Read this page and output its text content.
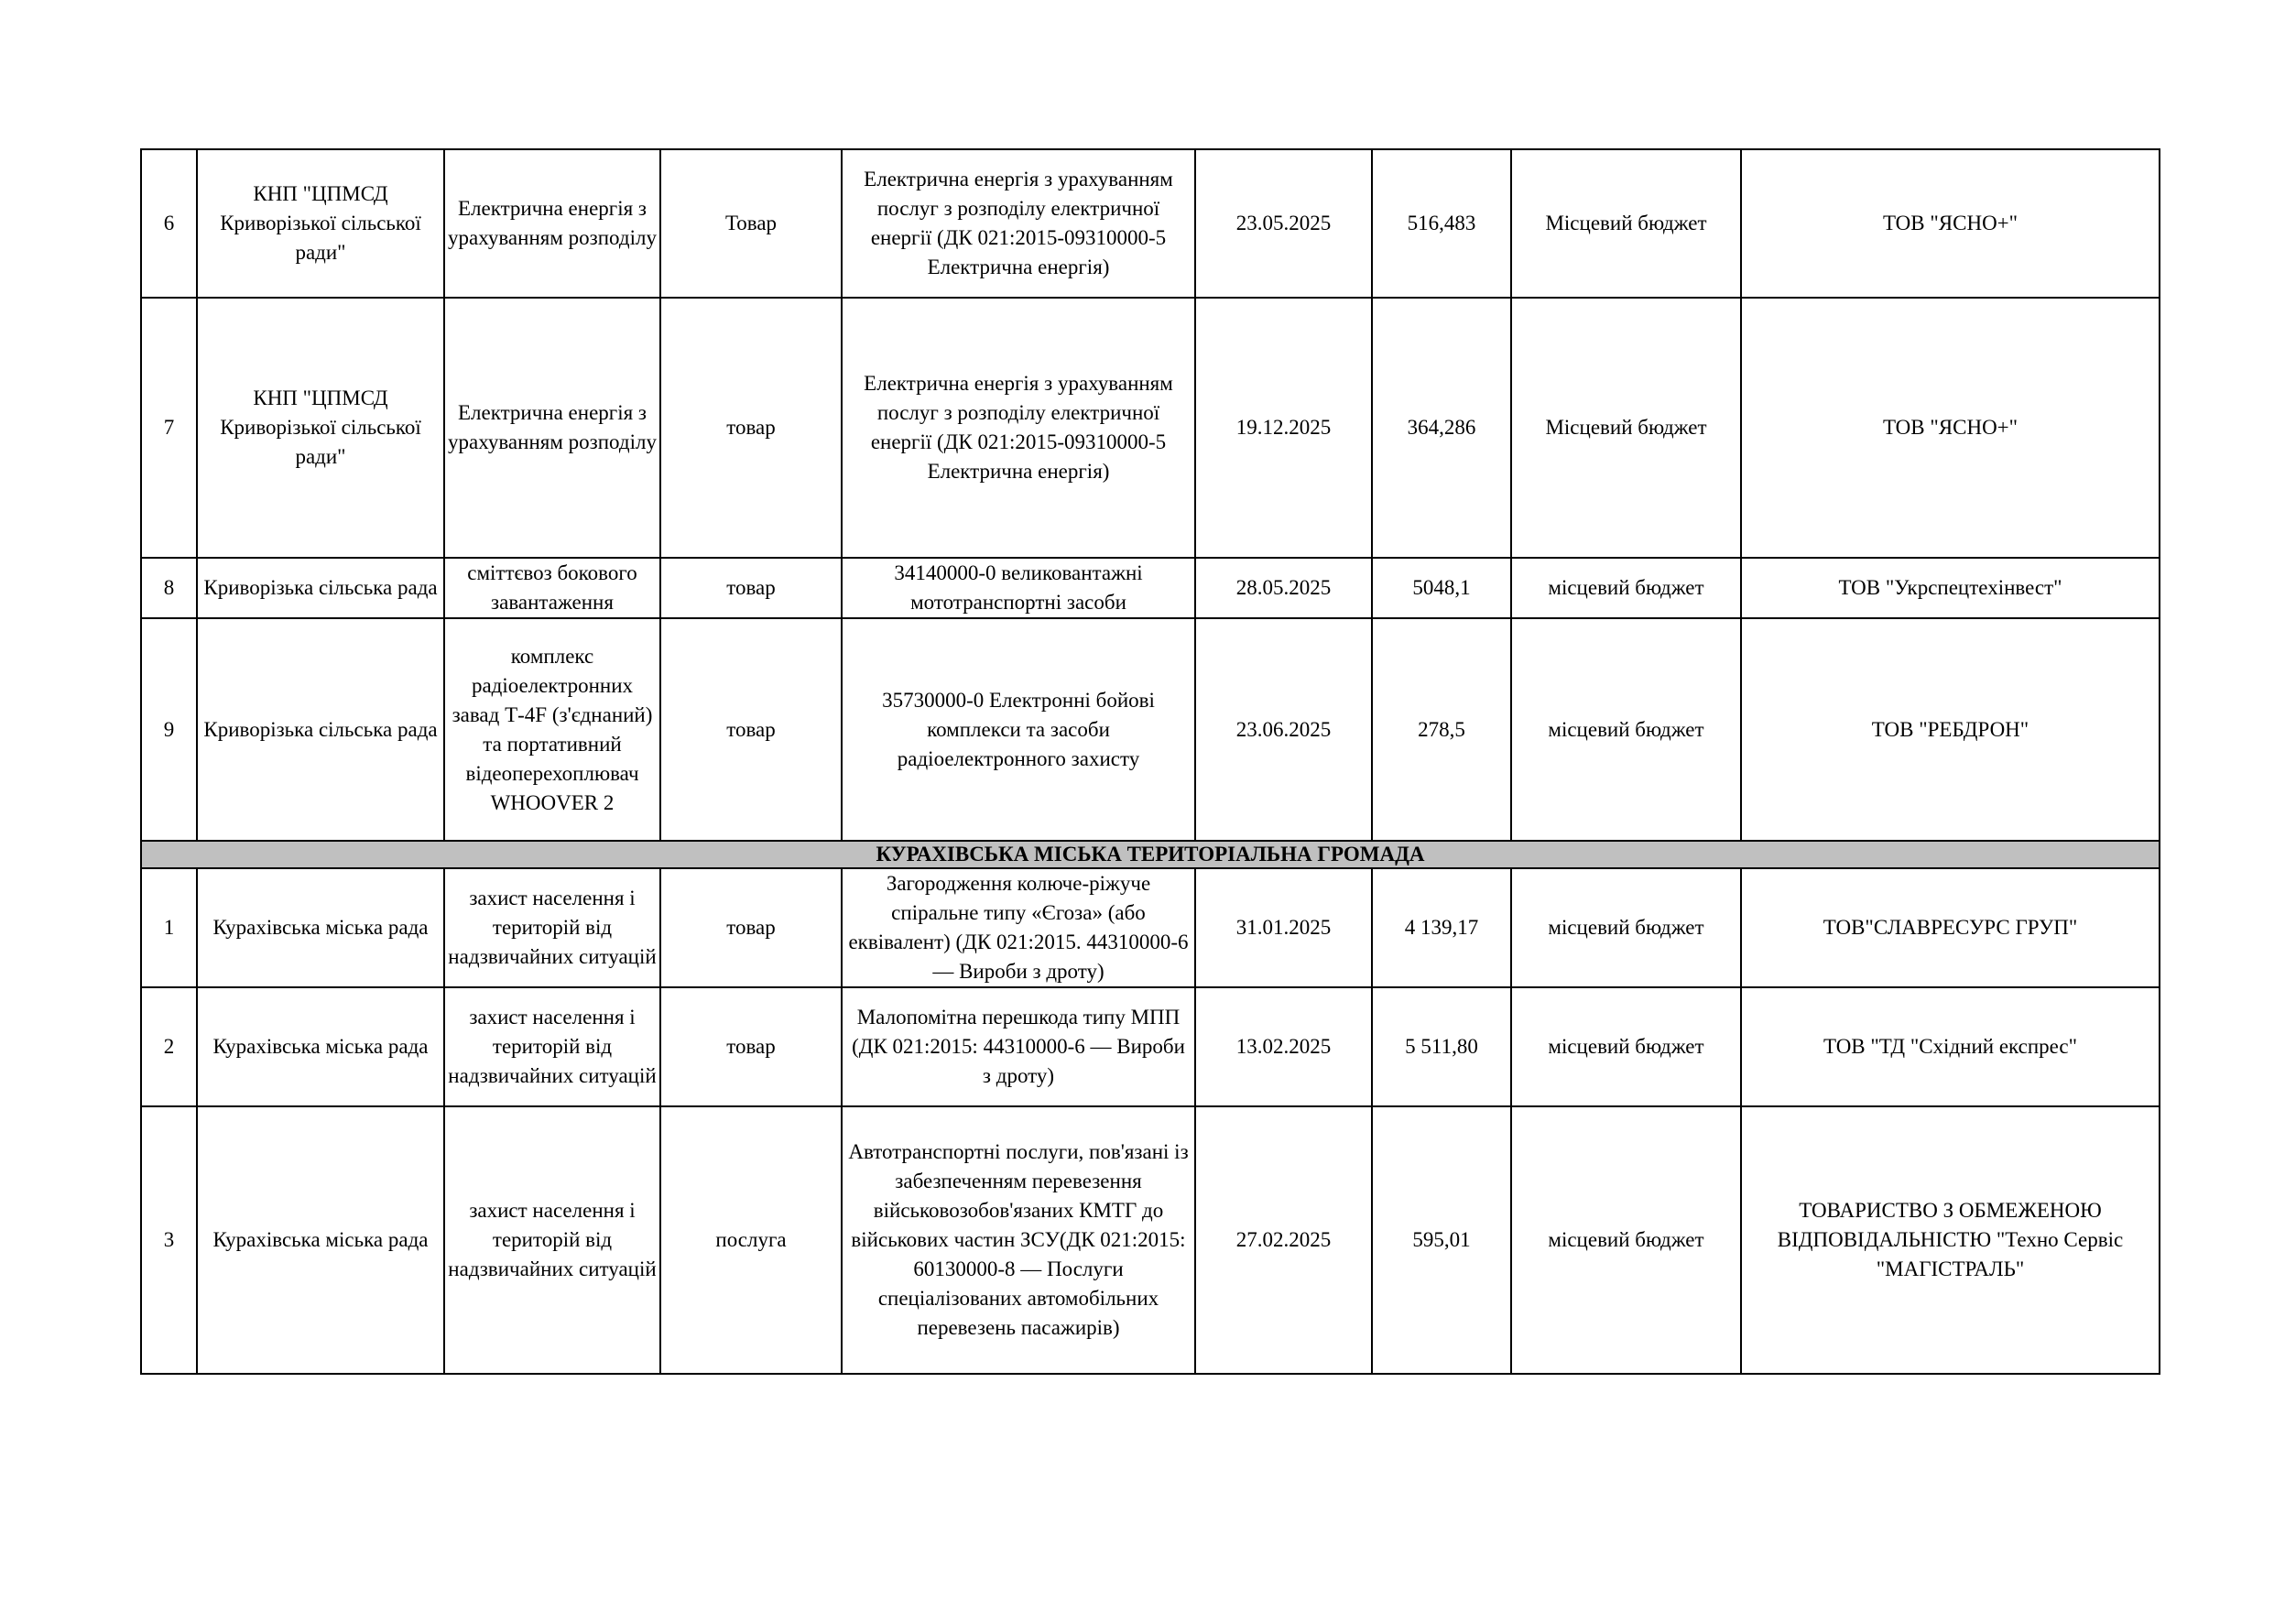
6	КНП "ЦПМСД Криворізької сільської ради"	Електрична енергія з урахуванням розподілу	Товар	Електрична енергія з урахуванням послуг з розподілу електричної енергії (ДК 021:2015-09310000-5 Електрична енергія)	23.05.2025	516,483	Місцевий бюджет	ТОВ "ЯСНО+"
7	КНП "ЦПМСД Криворізької сільської ради"	Електрична енергія з урахуванням розподілу	товар	Електрична енергія з урахуванням послуг з розподілу електричної енергії (ДК 021:2015-09310000-5 Електрична енергія)	19.12.2025	364,286	Місцевий бюджет	ТОВ "ЯСНО+"
8	Криворізька сільська рада	сміттєвоз бокового завантаження	товар	34140000-0 великовантажні мототранспортні засоби	28.05.2025	5048,1	місцевий бюджет	ТОВ "Укрспецтехінвест"
9	Криворізька сільська рада	комплекс радіоелектронних завад Т-4F (з'єднаний) та портативний відеоперехоплювач WHOOVER 2	товар	35730000-0 Електронні бойові комплекси та засоби радіоелектронного захисту	23.06.2025	278,5	місцевий бюджет	ТОВ "РЕБДРОН"
КУРАХІВСЬКА МІСЬКА ТЕРИТОРІАЛЬНА ГРОМАДА								
1	Курахівська міська рада	захист населення і територій від надзвичайних ситуацій	товар	Загородження колюче-ріжуче спіральне типу «Єгоза» (або еквівалент) (ДК 021:2015. 44310000-6 — Вироби з дроту)	31.01.2025	4 139,17	місцевий бюджет	ТОВ"СЛАВРЕСУРС ГРУП"
2	Курахівська міська рада	захист населення і територій від надзвичайних ситуацій	товар	Малопомітна перешкода типу МПП (ДК 021:2015: 44310000-6 — Вироби з дроту)	13.02.2025	5 511,80	місцевий бюджет	ТОВ "ТД "Східний експрес"
3	Курахівська міська рада	захист населення і територій від надзвичайних ситуацій	послуга	Автотранспортні послуги, пов'язані із забезпеченням перевезення військовозобов'язаних КМТГ до військових частин ЗСУ(ДК 021:2015: 60130000-8 — Послуги спеціалізованих автомобільних перевезень пасажирів)	27.02.2025	595,01	місцевий бюджет	ТОВАРИСТВО З ОБМЕЖЕНОЮ ВІДПОВІДАЛЬНІСТЮ "Техно Сервіс "МАГІСТРАЛЬ"
